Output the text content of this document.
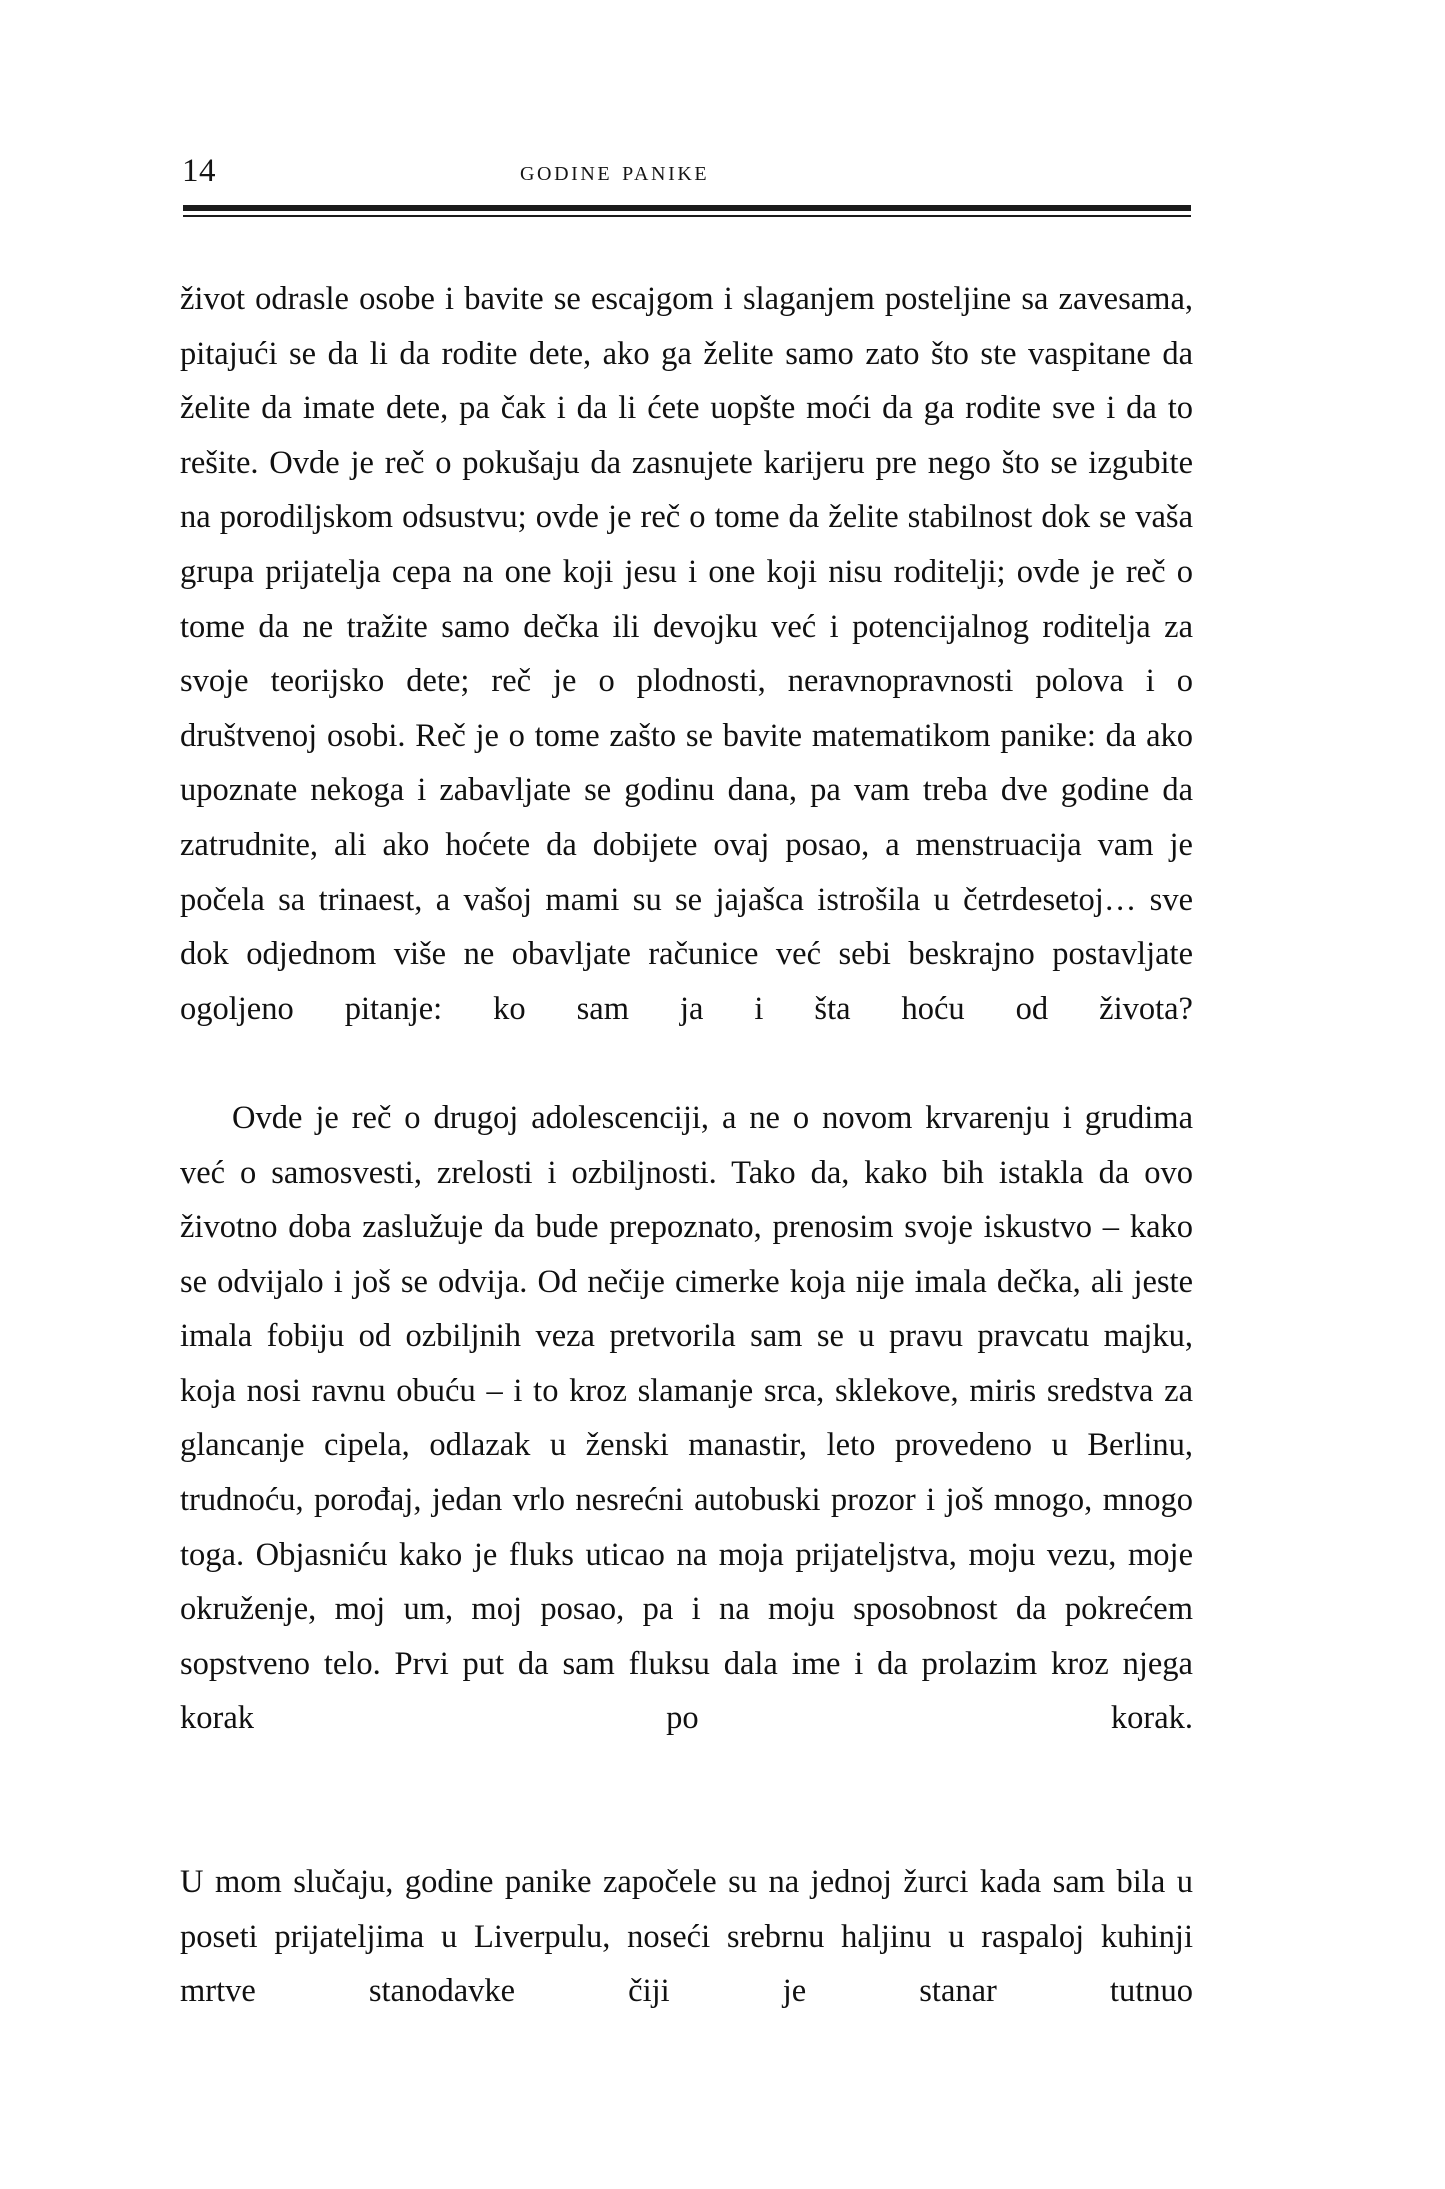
14	godine panike

život odrasle osobe i bavite se escajgom i slaganjem posteljine sa zavesama, pitajući se da li da rodite dete, ako ga želite samo zato što ste vaspitane da želite da imate dete, pa čak i da li ćete uopšte moći da ga rodite sve i da to rešite. Ovde je reč o pokušaju da zasnujete karijeru pre nego što se izgubite na porodiljskom odsustvu; ovde je reč o tome da želite stabilnost dok se vaša grupa prijatelja cepa na one koji jesu i one koji nisu roditelji; ovde je reč o tome da ne tražite samo dečka ili devojku već i potencijalnog roditelja za svoje teorijsko dete; reč je o plodnosti, neravnopravnosti polova i o društvenoj osobi. Reč je o tome zašto se bavite matematikom panike: da ako upoznate nekoga i zabavljate se godinu dana, pa vam treba dve godine da zatrudnite, ali ako hoćete da dobijete ovaj posao, a menstruacija vam je počela sa trinaest, a vašoj mami su se jajašca istrošila u četrdesetoj… sve dok odjednom više ne obavljate računice već sebi beskrajno postavljate ogoljeno pitanje: ko sam ja i šta hoću od života?

Ovde je reč o drugoj adolescenciji, a ne o novom krvarenju i grudima već o samosvesti, zrelosti i ozbiljnosti. Tako da, kako bih istakla da ovo životno doba zaslužuje da bude prepoznato, prenosim svoje iskustvo – kako se odvijalo i još se odvija. Od nečije cimerke koja nije imala dečka, ali jeste imala fobiju od ozbiljnih veza pretvorila sam se u pravu pravcatu majku, koja nosi ravnu obuću – i to kroz slamanje srca, sklekove, miris sredstva za glancanje cipela, odlazak u ženski manastir, leto provedeno u Berlinu, trudnoću, porođaj, jedan vrlo nesrećni autobuski prozor i još mnogo, mnogo toga. Objasniću kako je fluks uticao na moja prijateljstva, moju vezu, moje okruženje, moj um, moj posao, pa i na moju sposobnost da pokrećem sopstveno telo. Prvi put da sam fluksu dala ime i da prolazim kroz njega korak po korak.

U mom slučaju, godine panike započele su na jednoj žurci kada sam bila u poseti prijateljima u Liverpulu, noseći srebrnu haljinu u raspaloj kuhinji mrtve stanodavke čiji je stanar tutnuo
